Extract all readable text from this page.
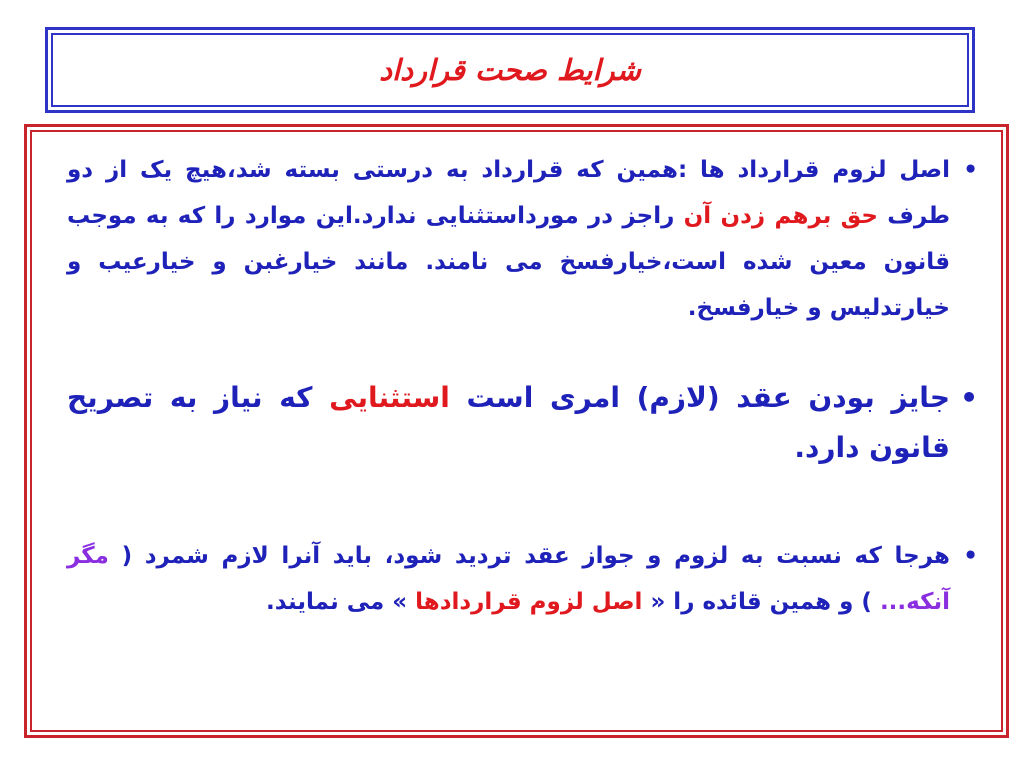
شرایط صحت قرارداد
•
اصل لزوم قرارداد ها :همین که قرارداد به درستی بسته شد،هیچ یک از دو طرف حق برهم زدن آن راجز در مورداستثنایی ندارد.این موارد را که به موجب قانون معین شده است،خیارفسخ می نامند. مانند خیارغبن و خیارعیب و خیارتدلیس و خیارفسخ.
•
جایز بودن عقد (لازم) امری است استثنایی که نیاز به تصریح قانون دارد.
•
هرجا که نسبت به لزوم و جواز عقد تردید شود، باید آنرا لازم شمرد ( مگر آنکه... ) و همین قائده را « اصل لزوم قراردادها » می نمایند.
